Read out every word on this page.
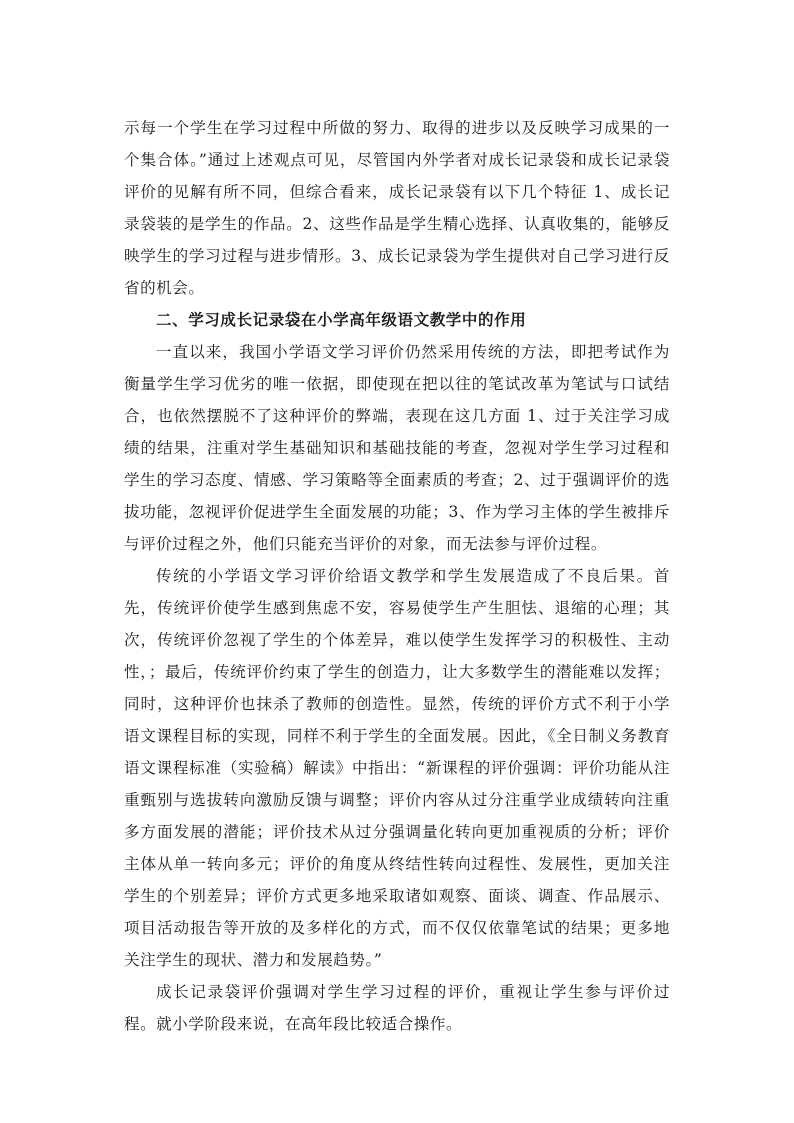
示每一个学生在学习过程中所做的努力、取得的进步以及反映学习成果的一个集合体。”通过上述观点可见，尽管国内外学者对成长记录袋和成长记录袋评价的见解有所不同，但综合看来，成长记录袋有以下几个特征 1、成长记录袋装的是学生的作品。2、这些作品是学生精心选择、认真收集的，能够反映学生的学习过程与进步情形。3、成长记录袋为学生提供对自己学习进行反省的机会。

二、学习成长记录袋在小学高年级语文教学中的作用

一直以来，我国小学语文学习评价仍然采用传统的方法，即把考试作为衡量学生学习优劣的唯一依据，即使现在把以往的笔试改革为笔试与口试结合，也依然摆脱不了这种评价的弊端，表现在这几方面 1、过于关注学习成绩的结果，注重对学生基础知识和基础技能的考查，忽视对学生学习过程和学生的学习态度、情感、学习策略等全面素质的考查；2、过于强调评价的选拔功能，忽视评价促进学生全面发展的功能；3、作为学习主体的学生被排斥与评价过程之外，他们只能充当评价的对象，而无法参与评价过程。

传统的小学语文学习评价给语文教学和学生发展造成了不良后果。首先，传统评价使学生感到焦虑不安，容易使学生产生胆怯、退缩的心理；其次，传统评价忽视了学生的个体差异，难以使学生发挥学习的积极性、主动性，；最后，传统评价约束了学生的创造力，让大多数学生的潜能难以发挥；同时，这种评价也抹杀了教师的创造性。显然，传统的评价方式不利于小学语文课程目标的实现，同样不利于学生的全面发展。因此，《全日制义务教育语文课程标准（实验稿）解读》中指出：“新课程的评价强调：评价功能从注重甄别与选拔转向激励反馈与调整；评价内容从过分注重学业成绩转向注重多方面发展的潜能；评价技术从过分强调量化转向更加重视质的分析；评价主体从单一转向多元；评价的角度从终结性转向过程性、发展性，更加关注学生的个别差异；评价方式更多地采取诸如观察、面谈、调查、作品展示、项目活动报告等开放的及多样化的方式，而不仅仅依靠笔试的结果；更多地关注学生的现状、潜力和发展趋势。”

成长记录袋评价强调对学生学习过程的评价，重视让学生参与评价过程。就小学阶段来说，在高年段比较适合操作。
